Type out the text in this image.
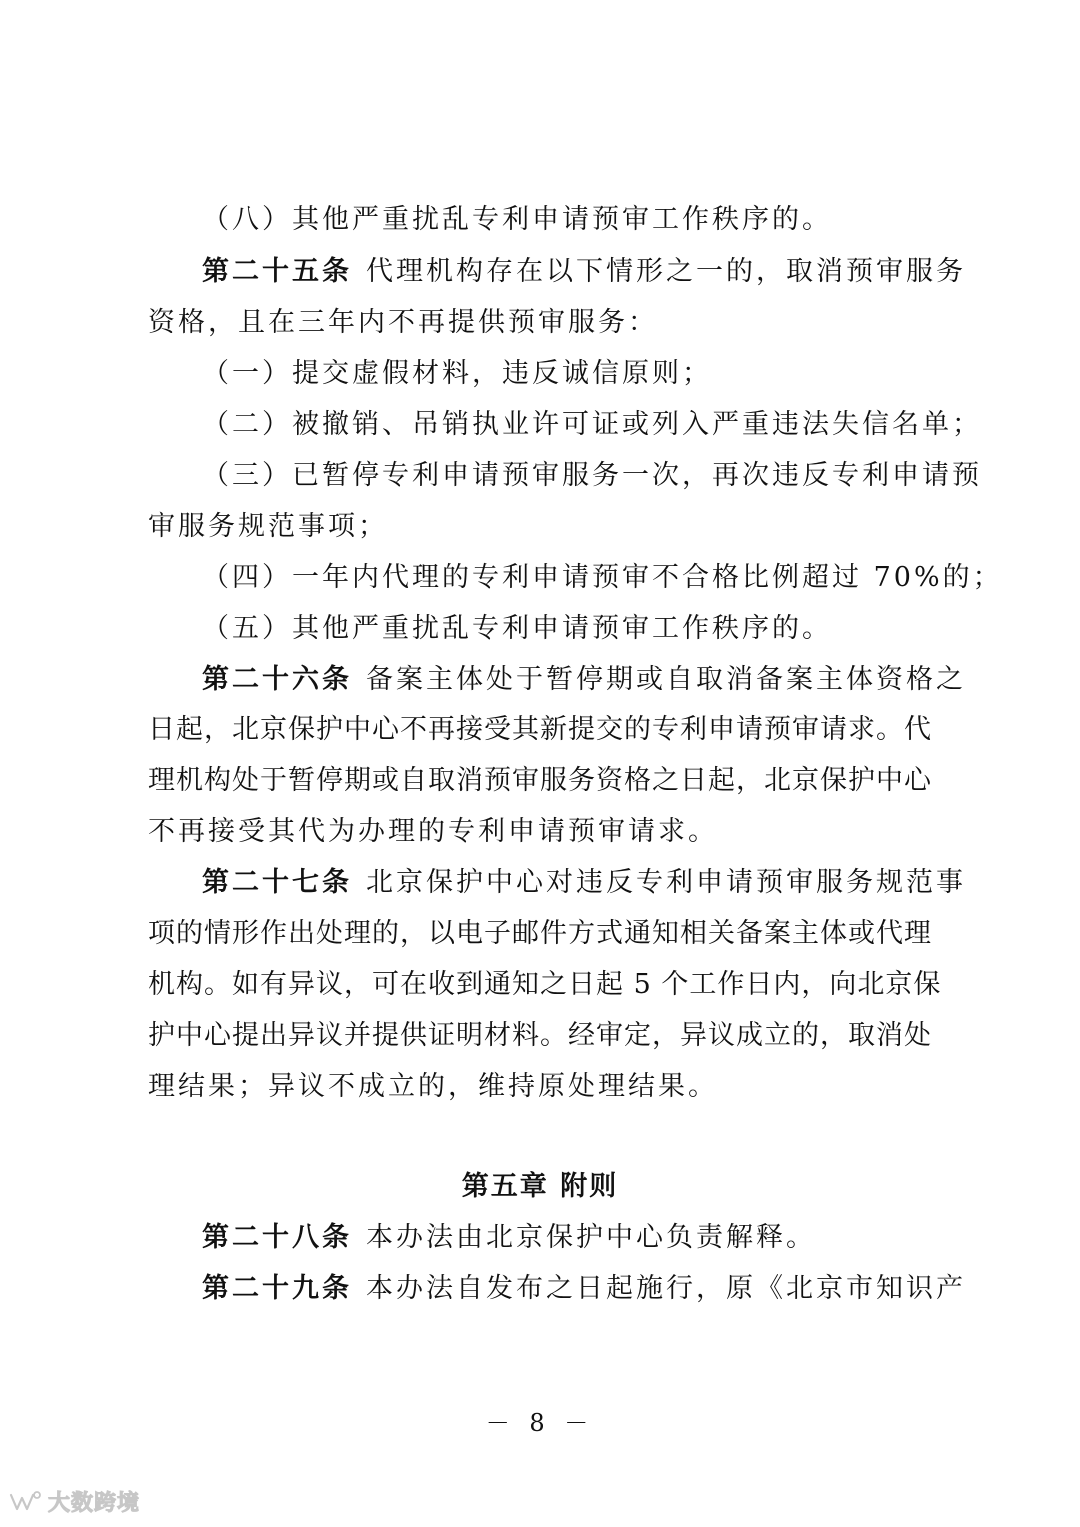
（八）其他严重扰乱专利申请预审工作秩序的。
第二十五条 代理机构存在以下情形之一的，取消预审服务
资格，且在三年内不再提供预审服务：
（一）提交虚假材料，违反诚信原则；
（二）被撤销、吊销执业许可证或列入严重违法失信名单；
（三）已暂停专利申请预审服务一次，再次违反专利申请预
审服务规范事项；
（四）一年内代理的专利申请预审不合格比例超过 70%的；
（五）其他严重扰乱专利申请预审工作秩序的。
第二十六条 备案主体处于暂停期或自取消备案主体资格之
日起，北京保护中心不再接受其新提交的专利申请预审请求。代
理机构处于暂停期或自取消预审服务资格之日起，北京保护中心
不再接受其代为办理的专利申请预审请求。
第二十七条 北京保护中心对违反专利申请预审服务规范事
项的情形作出处理的，以电子邮件方式通知相关备案主体或代理
机构。如有异议，可在收到通知之日起 5 个工作日内，向北京保
护中心提出异议并提供证明材料。经审定，异议成立的，取消处
理结果；异议不成立的，维持原处理结果。
第五章 附则
第二十八条 本办法由北京保护中心负责解释。
第二十九条 本办法自发布之日起施行，原《北京市知识产
－ 8 －
大数跨境
